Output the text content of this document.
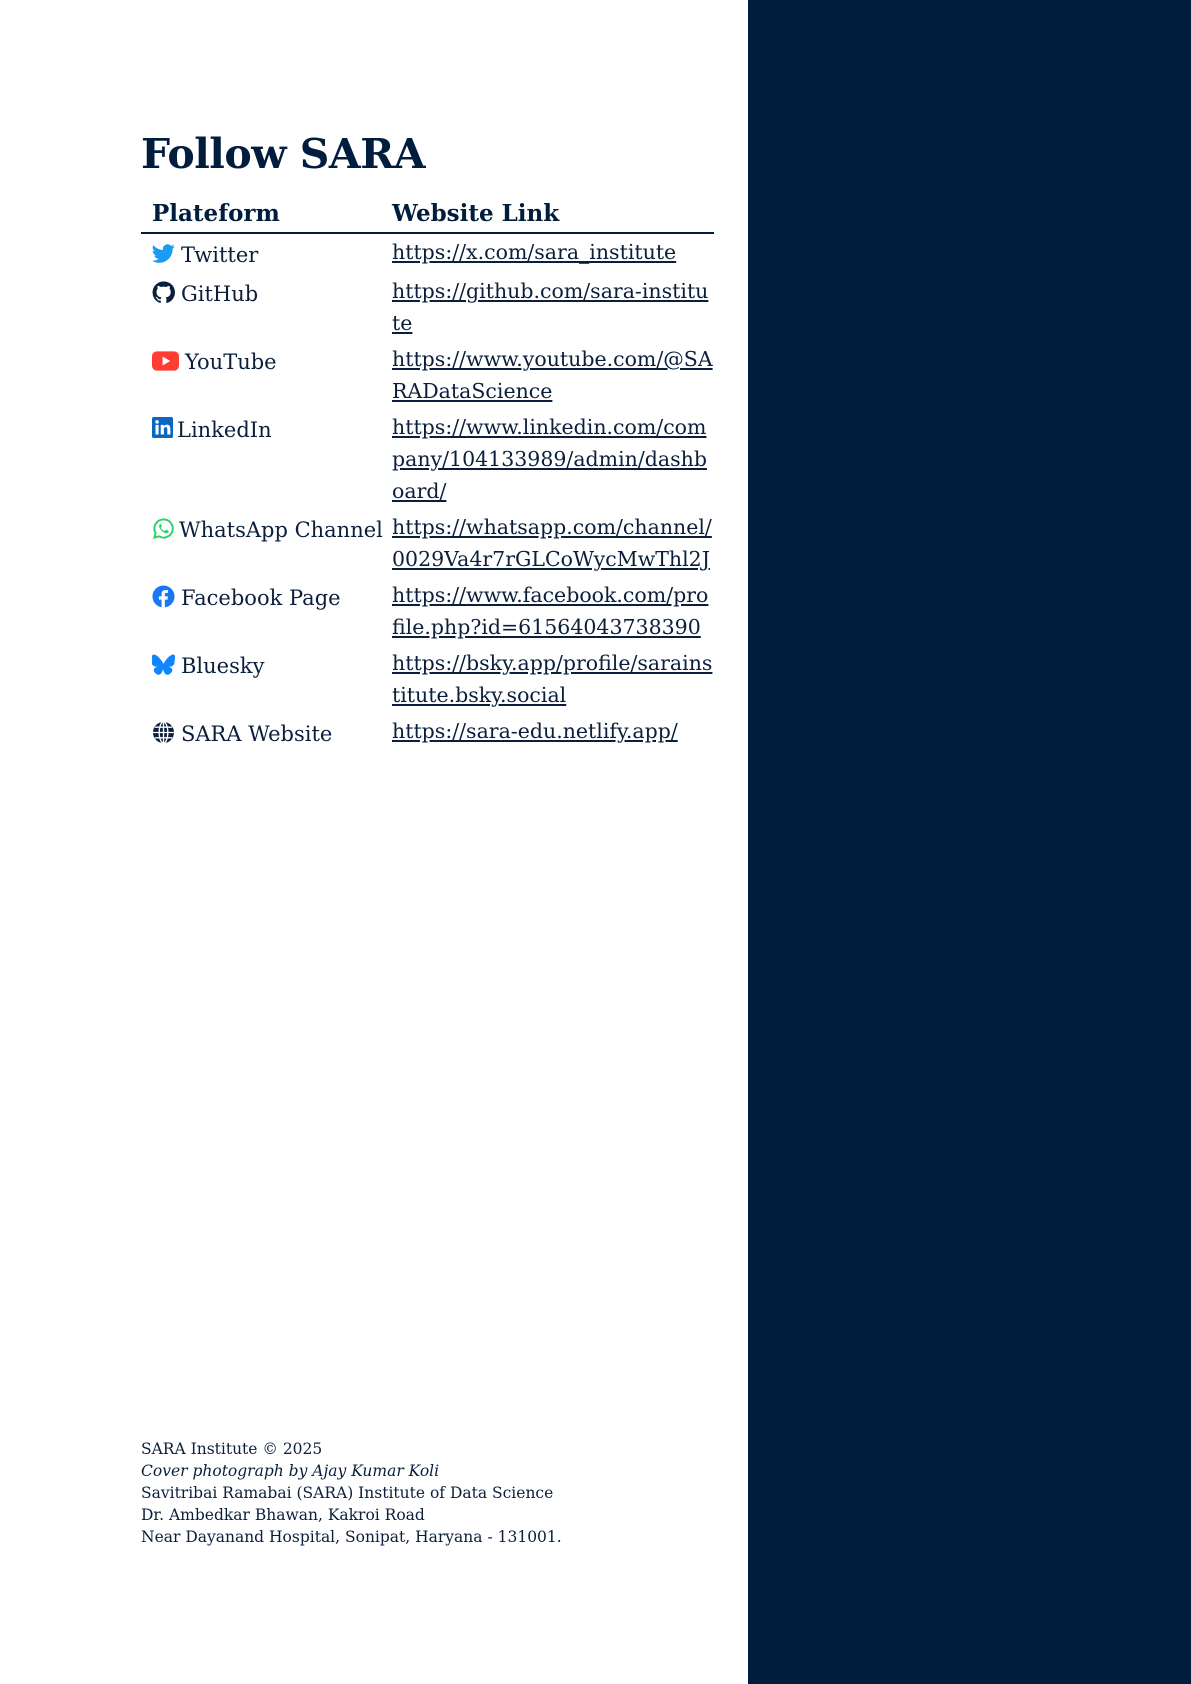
Follow SARA
Plateform	Website Link

Twitter	https://x.com/sara_institute

GitHub	https://github.com/sara-institute

YouTube	https://www.youtube.com/@SARADataScience

LinkedIn	https://www.linkedin.com/company/104133989/admin/dashboard/

WhatsApp Channel	https://whatsapp.com/channel/0029Va4r7rGLCoWycMwThl2J

Facebook Page	https://www.facebook.com/profile.php?id=61564043738390

Bluesky	https://bsky.app/profile/sarainstitute.bsky.social

SARA Website	https://sara-edu.netlify.app/
SARA Institute © 2025
Cover photograph by Ajay Kumar Koli
Savitribai Ramabai (SARA) Institute of Data Science
Dr. Ambedkar Bhawan, Kakroi Road
Near Dayanand Hospital, Sonipat, Haryana - 131001.
